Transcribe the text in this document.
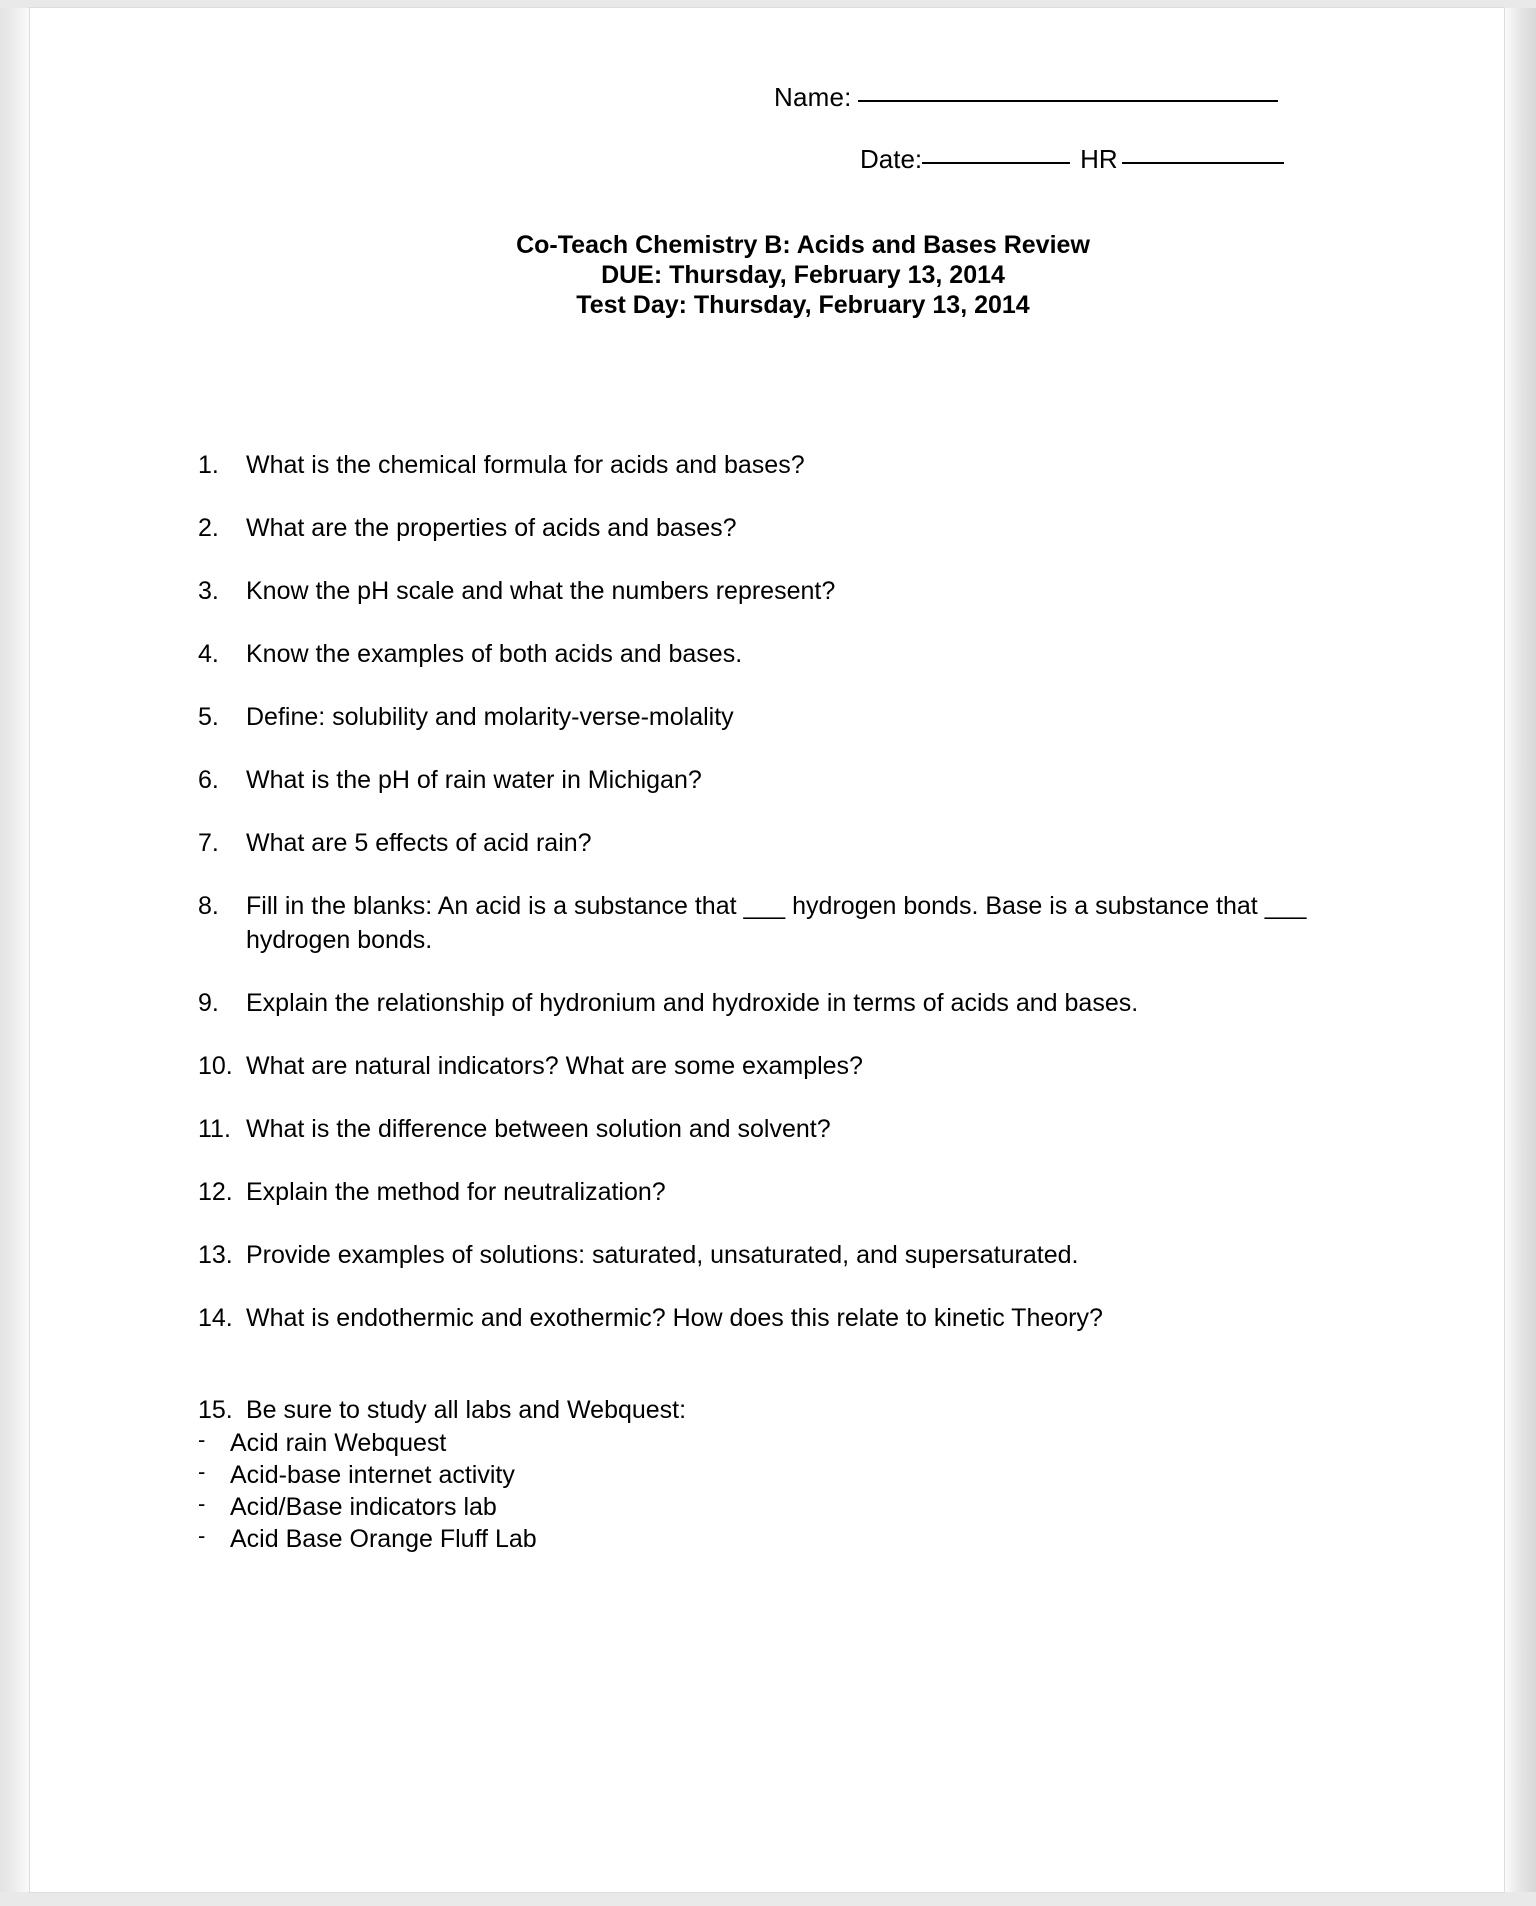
Name:
Date:	HR
Co-Teach Chemistry B: Acids and Bases Review
DUE: Thursday, February 13, 2014
Test Day: Thursday, February 13, 2014
1.	What is the chemical formula for acids and bases?
2.	What are the properties of acids and bases?
3.	Know the pH scale and what the numbers represent?
4.	Know the examples of both acids and bases.
5.	Define: solubility and molarity-verse-molality
6.	What is the pH of rain water in Michigan?
7.	What are 5 effects of acid rain?
8.	Fill in the blanks: An acid is a substance that ___ hydrogen bonds. Base is a substance that ___ hydrogen bonds.
9.	Explain the relationship of hydronium and hydroxide in terms of acids and bases.
10. What are natural indicators? What are some examples?
11. What is the difference between solution and solvent?
12. Explain the method for neutralization?
13. Provide examples of solutions: saturated, unsaturated, and supersaturated.
14. What is endothermic and exothermic? How does this relate to kinetic Theory?
15. Be sure to study all labs and Webquest:
- Acid rain Webquest
- Acid-base internet activity
- Acid/Base indicators lab
- Acid Base Orange Fluff Lab
